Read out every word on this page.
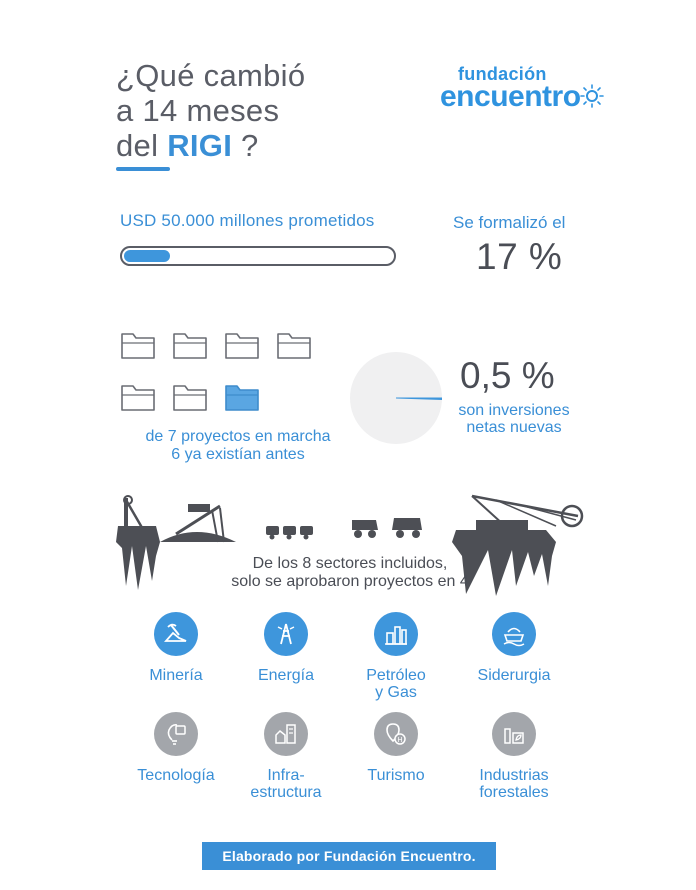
¿Qué cambió
a 14 meses
del RIGI ?
fundación
encuentro
USD 50.000 millones prometidos	Se formalizó el
17 %
de 7 proyectos en marcha
6 ya existían antes
0,5 %
son inversiones
netas nuevas
De los 8 sectores incluidos,
solo se aprobaron proyectos en 4
Minería	Energía	Petróleo
y Gas
Siderurgia
Tecnología	Infra-
estructura
H
Turismo	Industrias
forestales
Elaborado por Fundación Encuentro.
